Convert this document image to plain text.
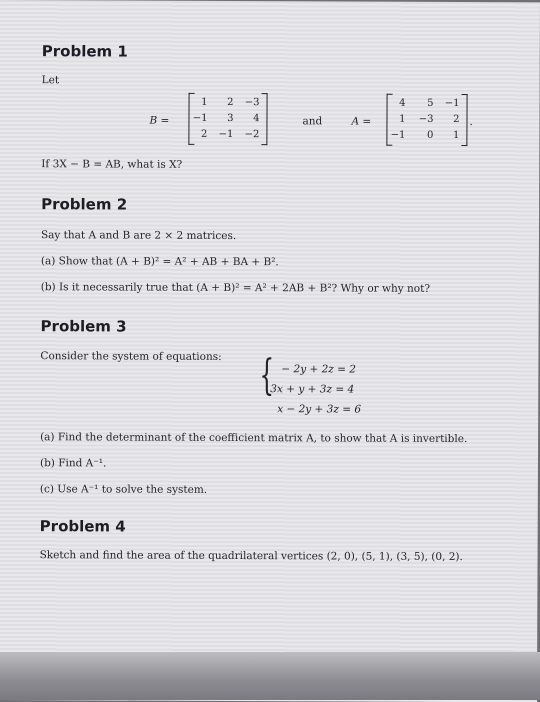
Problem 1
Let
B =
1	2 −3
−1	3	4
2 −1 −2
and	A =
4	5 −1
1 −3	2
−1	0	1
.
If 3X − B = AB, what is X?
Problem 2
Say that A and B are 2 × 2 matrices.
(a) Show that (A + B)² = A² + AB + BA + B².
(b) Is it necessarily true that (A + B)² = A² + 2AB + B²? Why or why not?
Problem 3
Consider the system of equations: { − 2y + 2z = 2
3x + y + 3z = 4
x − 2y + 3z = 6
(a) Find the determinant of the coefficient matrix A, to show that A is invertible.
(b) Find A⁻¹.
(c) Use A⁻¹ to solve the system.
Problem 4
Sketch and find the area of the quadrilateral vertices (2, 0), (5, 1), (3, 5), (0, 2).
